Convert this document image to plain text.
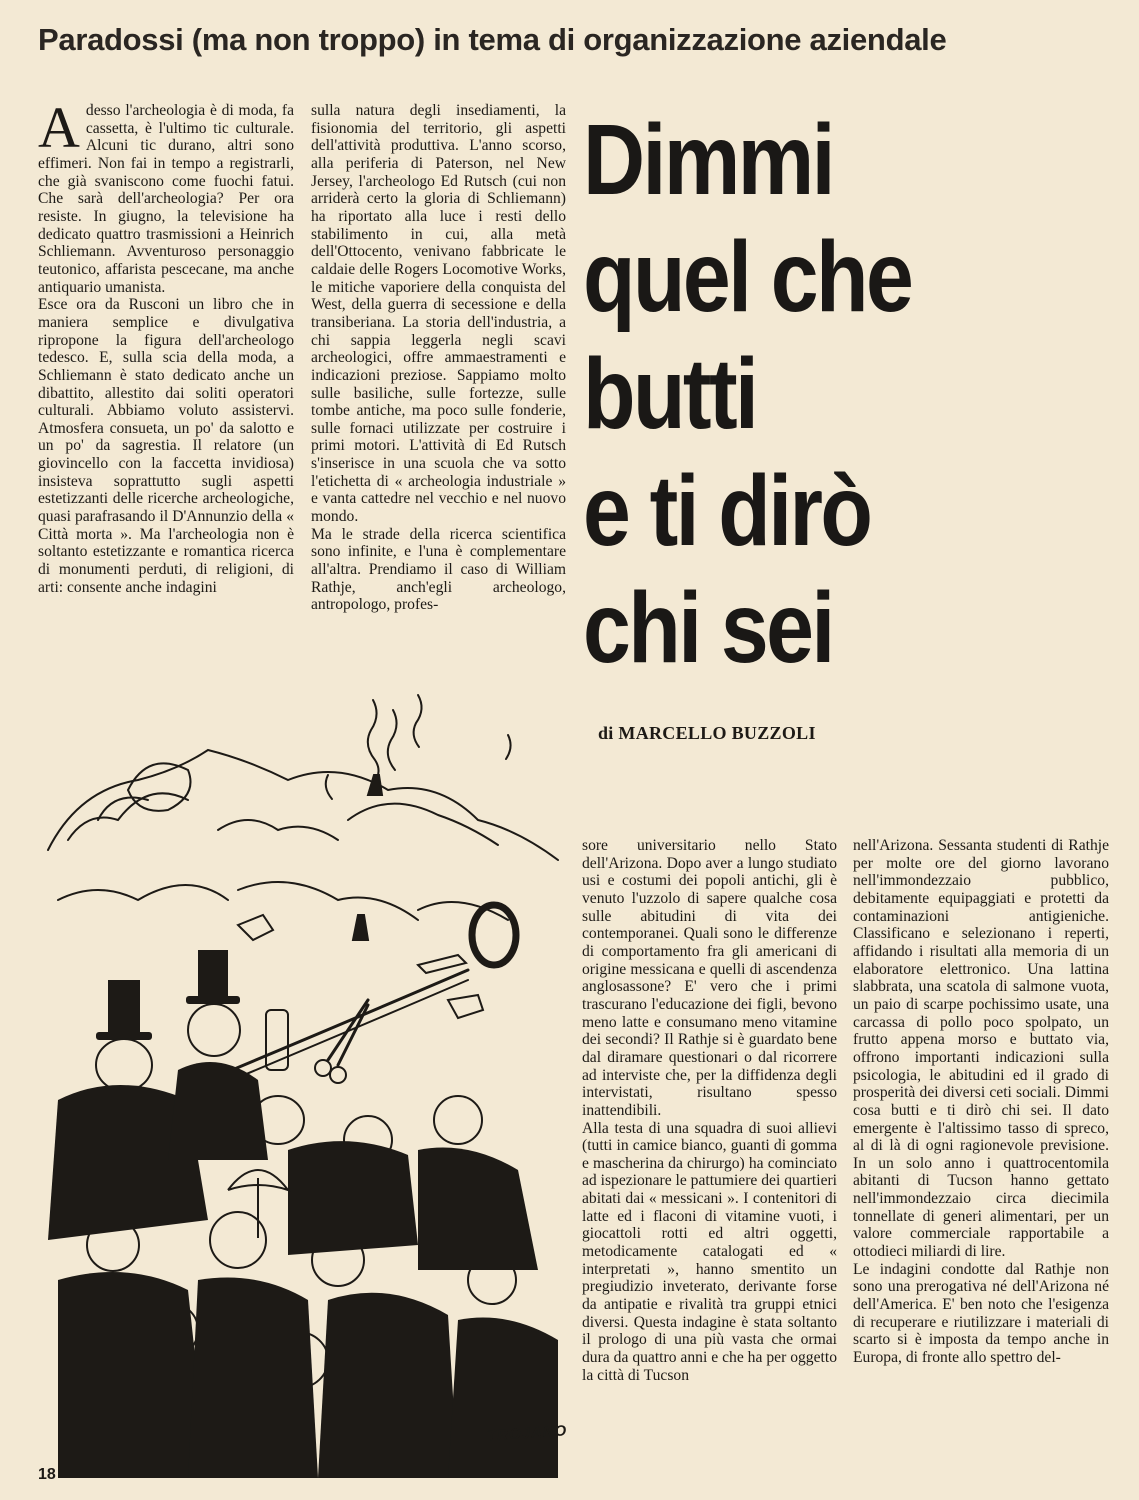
Paradossi (ma non troppo) in tema di organizzazione aziendale

Adesso l'archeologia è di moda, fa cassetta, è l'ultimo tic culturale. Alcuni tic durano, altri sono effimeri. Non fai in tempo a registrarli, che già svaniscono come fuochi fatui. Che sarà dell'archeologia? Per ora resiste. In giugno, la televisione ha dedicato quattro trasmissioni a Heinrich Schliemann. Avventuroso personaggio teutonico, affarista pescecane, ma anche antiquario umanista.

Esce ora da Rusconi un libro che in maniera semplice e divulgativa ripropone la figura dell'archeologo tedesco. E, sulla scia della moda, a Schliemann è stato dedicato anche un dibattito, allestito dai soliti operatori culturali. Abbiamo voluto assistervi. Atmosfera consueta, un po' da salotto e un po' da sagrestia. Il relatore (un giovincello con la faccetta invidiosa) insisteva soprattutto sugli aspetti estetizzanti delle ricerche archeologiche, quasi parafrasando il D'Annunzio della « Città morta ». Ma l'archeologia non è soltanto estetizzante e romantica ricerca di monumenti perduti, di religioni, di arti: consente anche indagini

sulla natura degli insediamenti, la fisionomia del territorio, gli aspetti dell'attività produttiva. L'anno scorso, alla periferia di Paterson, nel New Jersey, l'archeologo Ed Rutsch (cui non arriderà certo la gloria di Schliemann) ha riportato alla luce i resti dello stabilimento in cui, alla metà dell'Ottocento, venivano fabbricate le caldaie delle Rogers Locomotive Works, le mitiche vaporiere della conquista del West, della guerra di secessione e della transiberiana. La storia dell'industria, a chi sappia leggerla negli scavi archeologici, offre ammaestramenti e indicazioni preziose. Sappiamo molto sulle basiliche, sulle fortezze, sulle tombe antiche, ma poco sulle fonderie, sulle fornaci utilizzate per costruire i primi motori. L'attività di Ed Rutsch s'inserisce in una scuola che va sotto l'etichetta di « archeologia industriale » e vanta cattedre nel vecchio e nel nuovo mondo.

Ma le strade della ricerca scientifica sono infinite, e l'una è complementare all'altra. Prendiamo il caso di William Rathje, anch'egli archeologo, antropologo, profes-

Dimmi
quel che
butti
e ti dirò
chi sei
di MARCELLO BUZZOLI
TROJANO

sore universitario nello Stato dell'Arizona. Dopo aver a lungo studiato usi e costumi dei popoli antichi, gli è venuto l'uzzolo di sapere qualche cosa sulle abitudini di vita dei contemporanei. Quali sono le differenze di comportamento fra gli americani di origine messicana e quelli di ascendenza anglosassone? E' vero che i primi trascurano l'educazione dei figli, bevono meno latte e consumano meno vitamine dei secondi? Il Rathje si è guardato bene dal diramare questionari o dal ricorrere ad interviste che, per la diffidenza degli intervistati, risultano spesso inattendibili.

Alla testa di una squadra di suoi allievi (tutti in camice bianco, guanti di gomma e mascherina da chirurgo) ha cominciato ad ispezionare le pattumiere dei quartieri abitati dai « messicani ». I contenitori di latte ed i flaconi di vitamine vuoti, i giocattoli rotti ed altri oggetti, metodicamente catalogati ed « interpretati », hanno smentito un pregiudizio inveterato, derivante forse da antipatie e rivalità tra gruppi etnici diversi. Questa indagine è stata soltanto il prologo di una più vasta che ormai dura da quattro anni e che ha per oggetto la città di Tucson

nell'Arizona. Sessanta studenti di Rathje per molte ore del giorno lavorano nell'immondezzaio pubblico, debitamente equipaggiati e protetti da contaminazioni antigieniche. Classificano e selezionano i reperti, affidando i risultati alla memoria di un elaboratore elettronico. Una lattina slabbrata, una scatola di salmone vuota, un paio di scarpe pochissimo usate, una carcassa di pollo poco spolpato, un frutto appena morso e buttato via, offrono importanti indicazioni sulla psicologia, le abitudini ed il grado di prosperità dei diversi ceti sociali. Dimmi cosa butti e ti dirò chi sei. Il dato emergente è l'altissimo tasso di spreco, al di là di ogni ragionevole previsione. In un solo anno i quattrocentomila abitanti di Tucson hanno gettato nell'immondezzaio circa diecimila tonnellate di generi alimentari, per un valore commerciale rapportabile a ottodieci miliardi di lire.

Le indagini condotte dal Rathje non sono una prerogativa né dell'Arizona né dell'America. E' ben noto che l'esigenza di recuperare e riutilizzare i materiali di scarto si è imposta da tempo anche in Europa, di fronte allo spettro del-

18
